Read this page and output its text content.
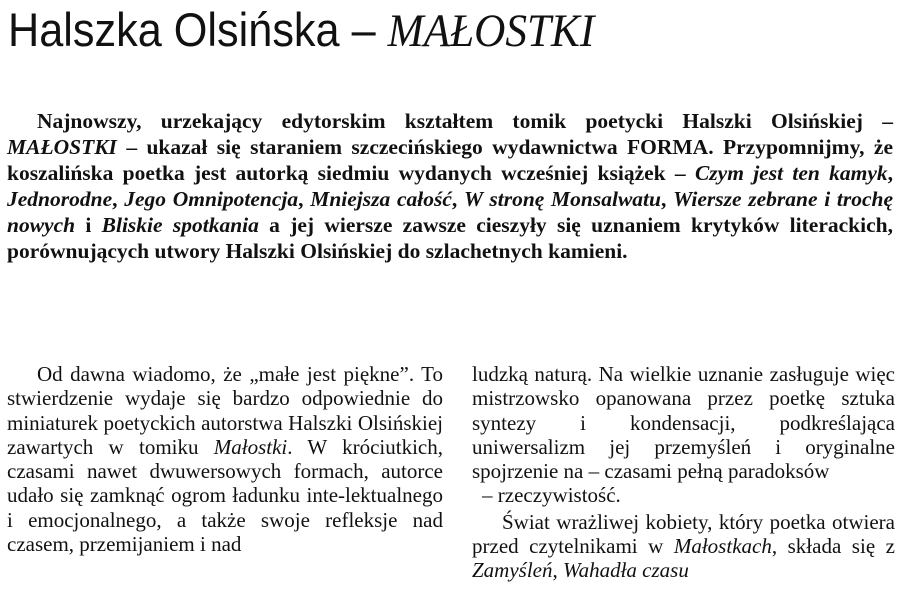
Halszka Olsińska – MAŁOSTKI
Najnowszy, urzekający edytorskim kształtem tomik poetycki Halszki Olsińskiej – MAŁOSTKI – ukazał się staraniem szczecińskiego wydawnictwa FORMA. Przypomnijmy, że koszalińska poetka jest autorką siedmiu wydanych wcześniej książek – Czym jest ten kamyk, Jednorodne, Jego Omnipotencja, Mniejsza całość, W stronę Monsalwatu, Wiersze zebrane i trochę nowych i Bliskie spotkania a jej wiersze zawsze cieszyły się uznaniem krytyków literackich, porównujących utwory Halszki Olsińskiej do szlachetnych kamieni.

Od dawna wiadomo, że „małe jest piękne”. To stwierdzenie wydaje się bardzo odpowiednie do miniaturek poetyckich autorstwa Halszki Olsińskiej zawartych w tomiku Małostki. W króciutkich, czasami nawet dwuwersowych formach, autorce udało się zamknąć ogrom ładunku inte-lektualnego i emocjonalnego, a także swoje refleksje nad czasem, przemijaniem i nad

ludzką naturą. Na wielkie uznanie zasługuje więc mistrzowsko opanowana przez poetkę sztuka syntezy i kondensacji, podkreślająca uniwersalizm jej przemyśleń i oryginalne spojrzenie na – czasami pełną paradoksów
– rzeczywistość.

Świat wrażliwej kobiety, który poetka otwiera przed czytelnikami w Małostkach, składa się z Zamyśleń, Wahadła czasu
